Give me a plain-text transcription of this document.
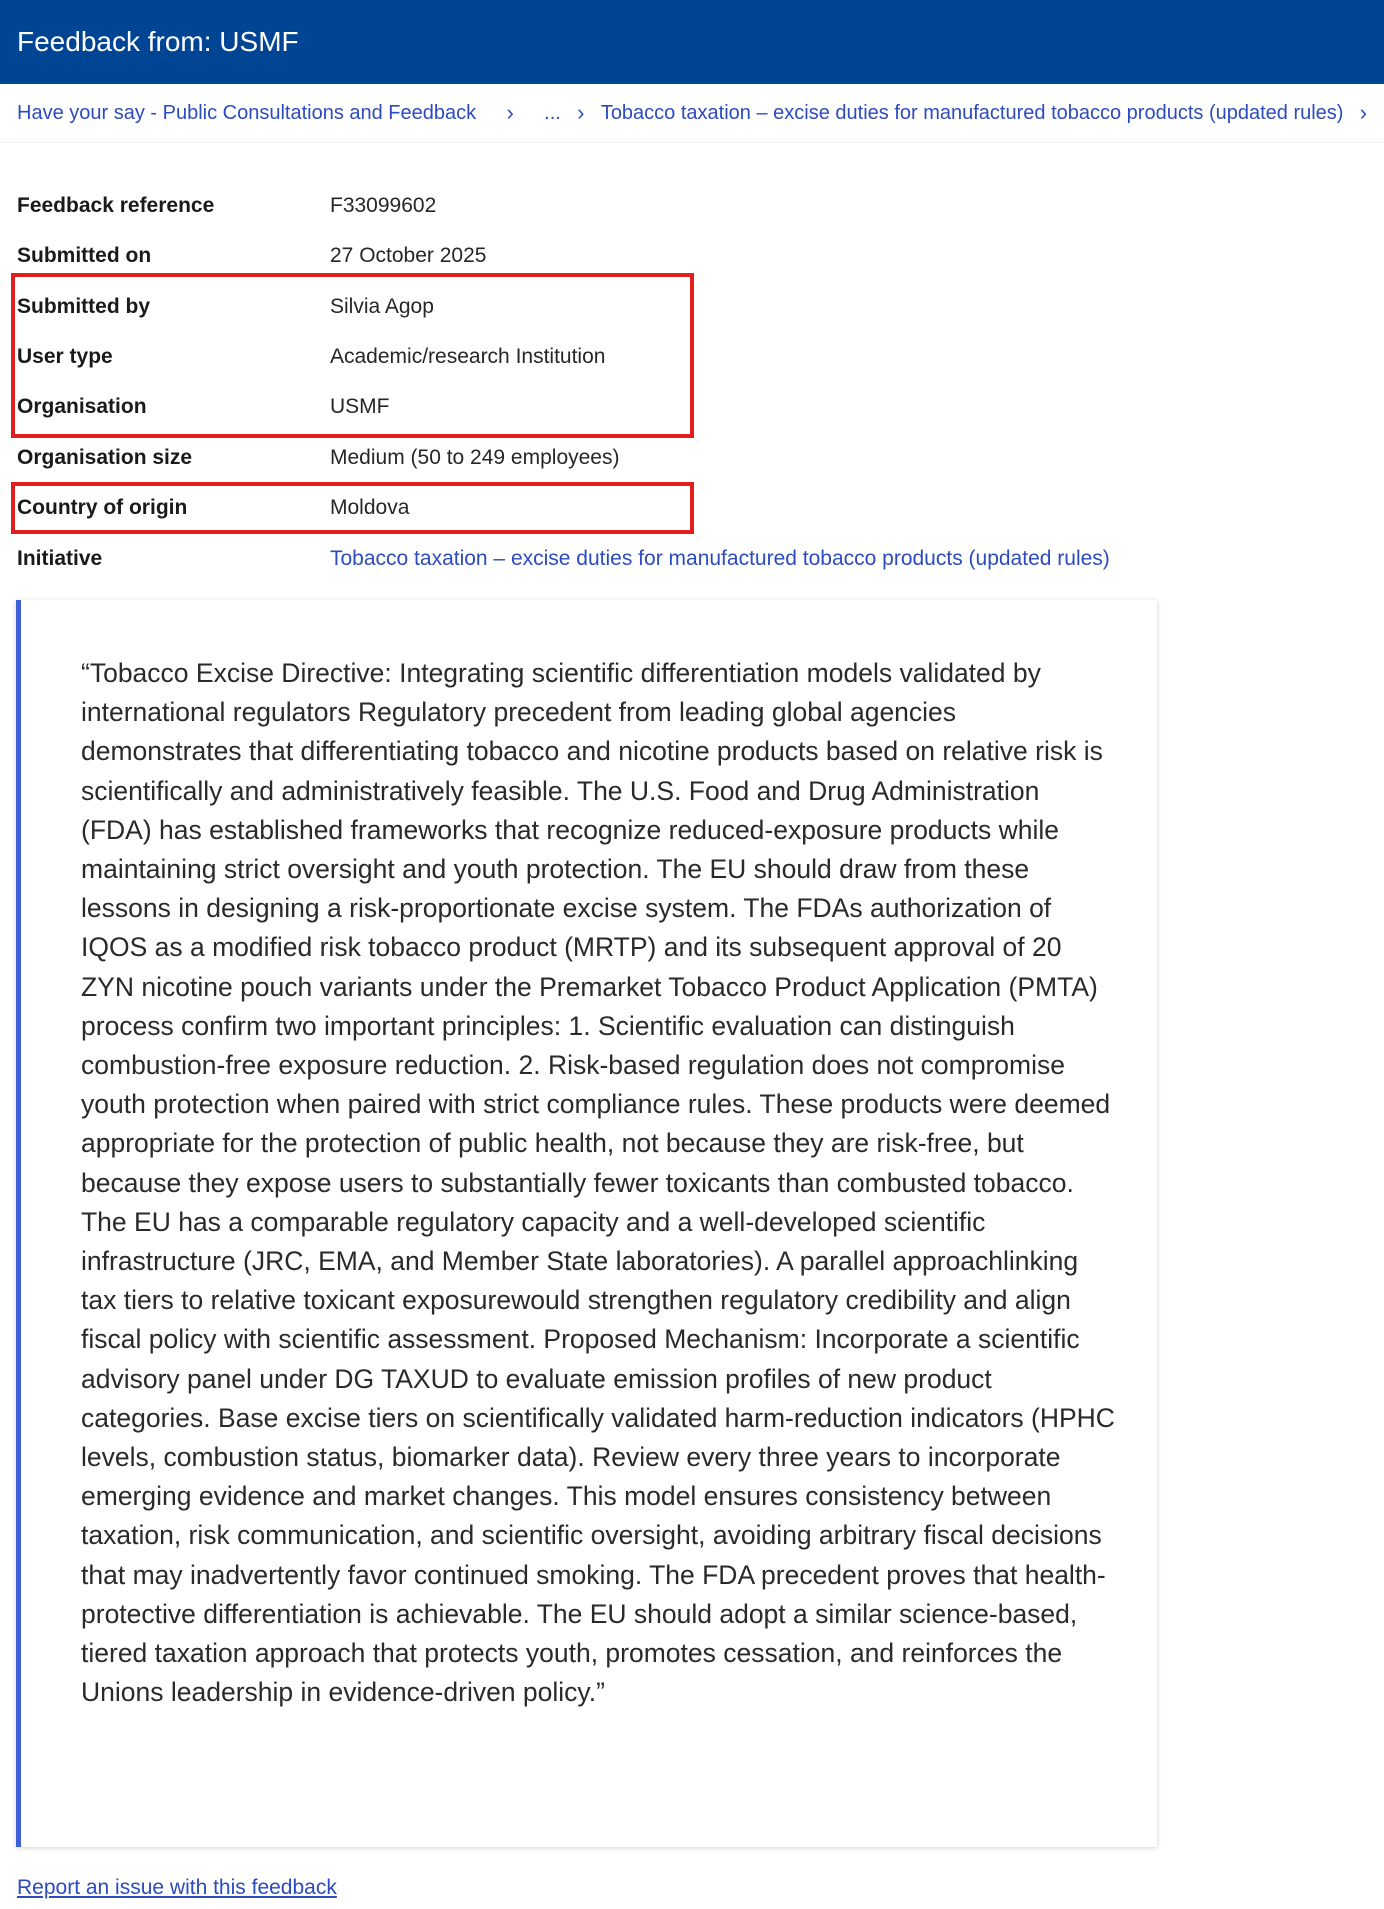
Feedback from: USMF
Have your say - Public Consultations and Feedback	›	... › Tobacco taxation – excise duties for manufactured tobacco products (updated rules) ›
Feedback reference	F33099602
Submitted on	27 October 2025
Submitted by	Silvia Agop
User type	Academic/research Institution
Organisation	USMF
Organisation size	Medium (50 to 249 employees)
Country of origin	Moldova
Initiative	Tobacco taxation – excise duties for manufactured tobacco products (updated rules)

“Tobacco Excise Directive: Integrating scientific differentiation models validated by international regulators Regulatory precedent from leading global agencies demonstrates that differentiating tobacco and nicotine products based on relative risk is scientifically and administratively feasible. The U.S. Food and Drug Administration (FDA) has established frameworks that recognize reduced-exposure products while maintaining strict oversight and youth protection. The EU should draw from these lessons in designing a risk-proportionate excise system. The FDAs authorization of IQOS as a modified risk tobacco product (MRTP) and its subsequent approval of 20 ZYN nicotine pouch variants under the Premarket Tobacco Product Application (PMTA) process confirm two important principles: 1. Scientific evaluation can distinguish combustion-free exposure reduction. 2. Risk-based regulation does not compromise youth protection when paired with strict compliance rules. These products were deemed appropriate for the protection of public health, not because they are risk-free, but because they expose users to substantially fewer toxicants than combusted tobacco. The EU has a comparable regulatory capacity and a well-developed scientific infrastructure (JRC, EMA, and Member State laboratories). A parallel approachlinking tax tiers to relative toxicant exposurewould strengthen regulatory credibility and align fiscal policy with scientific assessment. Proposed Mechanism: Incorporate a scientific advisory panel under DG TAXUD to evaluate emission profiles of new product categories. Base excise tiers on scientifically validated harm-reduction indicators (HPHC levels, combustion status, biomarker data). Review every three years to incorporate emerging evidence and market changes. This model ensures consistency between taxation, risk communication, and scientific oversight, avoiding arbitrary fiscal decisions that may inadvertently favor continued smoking. The FDA precedent proves that health-protective differentiation is achievable. The EU should adopt a similar science-based, tiered taxation approach that protects youth, promotes cessation, and reinforces the Unions leadership in evidence-driven policy.”

Report an issue with this feedback
